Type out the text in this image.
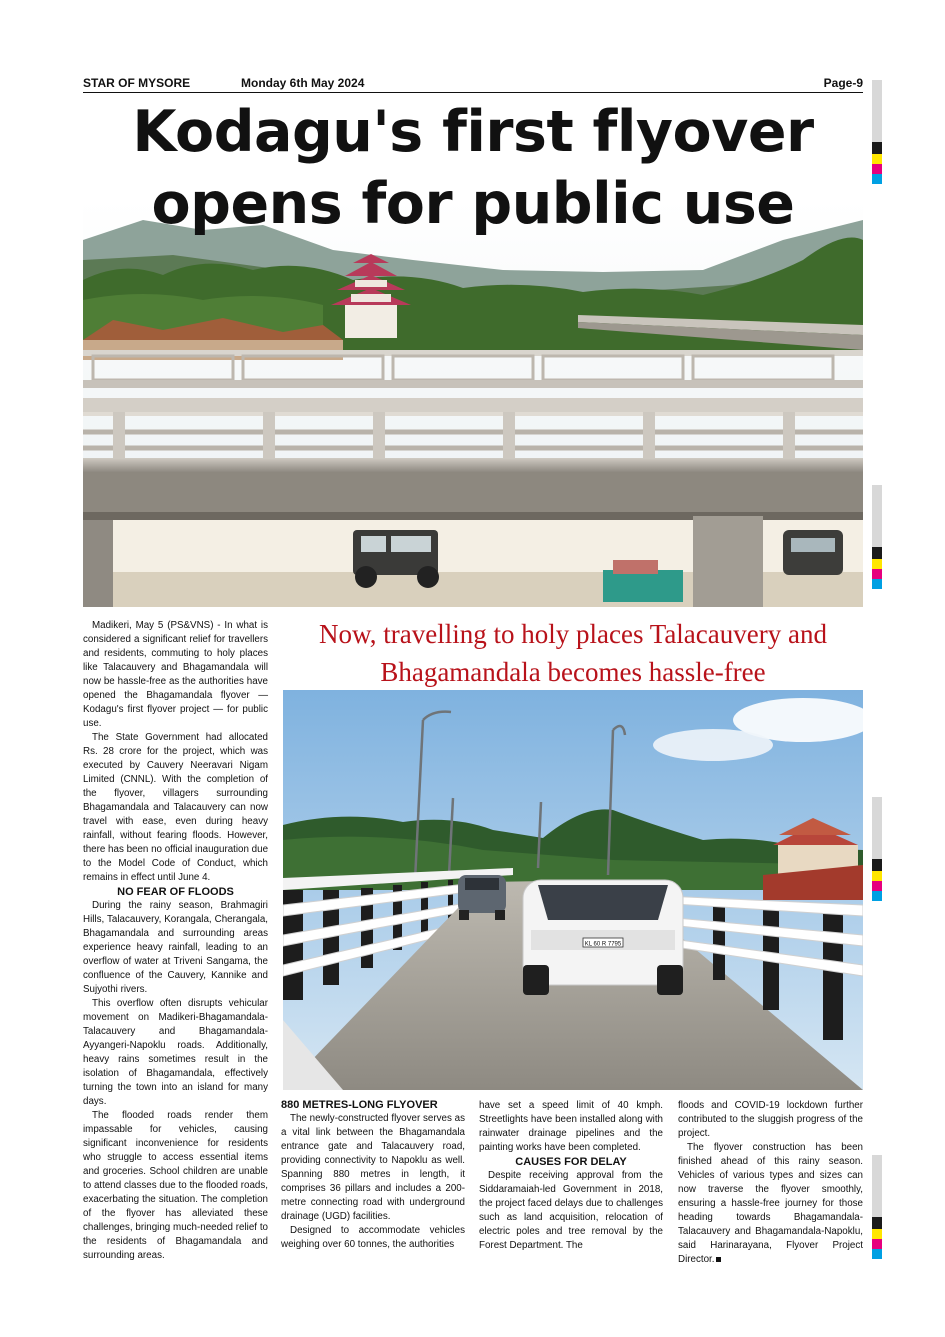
STAR OF MYSORE	Monday 6th May 2024	Page-9
Kodagu's first flyover
opens for public use
Now, travelling to holy places Talacauvery and
Bhagamandala becomes hassle-free
KL 60 R 7795

Madikeri, May 5 (PS&VNS) - In what is considered a significant relief for travellers and residents, commuting to holy places like Talacauvery and Bhagamandala will now be hassle-free as the authorities have opened the Bhagamandala flyover — Kodagu's first flyover project — for public use.

The State Government had allocated Rs. 28 crore for the project, which was executed by Cauvery Neeravari Nigam Limited (CNNL). With the completion of the flyover, villagers surrounding Bhagamandala and Talacauvery can now travel with ease, even during heavy rainfall, without fearing floods. However, there has been no official inauguration due to the Model Code of Conduct, which remains in effect until June 4.

NO FEAR OF FLOODS

During the rainy season, Brahmagiri Hills, Talacauvery, Korangala, Cherangala, Bhagamandala and surrounding areas experience heavy rainfall, leading to an overflow of water at Triveni Sangama, the confluence of the Cauvery, Kannike and Sujyothi rivers.

This overflow often disrupts vehicular movement on Madikeri-Bhagamandala-Talacauvery and Bhagamandala-Ayyangeri-Napoklu roads. Additionally, heavy rains sometimes result in the isolation of Bhagamandala, effectively turning the town into an island for many days.

The flooded roads render them impassable for vehicles, causing significant inconvenience for residents who struggle to access essential items and groceries. School children are unable to attend classes due to the flooded roads, exacerbating the situation. The completion of the flyover has alleviated these challenges, bringing much-needed relief to the residents of Bhagamandala and surrounding areas.

880 METRES-LONG FLYOVER

The newly-constructed flyover serves as a vital link between the Bhagamandala entrance gate and Talacauvery road, providing connectivity to Napoklu as well. Spanning 880 metres in length, it comprises 36 pillars and includes a 200-metre connecting road with underground drainage (UGD) facilities.

Designed to accommodate vehicles weighing over 60 tonnes, the authorities

have set a speed limit of 40 kmph. Streetlights have been installed along with rainwater drainage pipelines and the painting works have been completed.

CAUSES FOR DELAY

Despite receiving approval from the Siddaramaiah-led Government in 2018, the project faced delays due to challenges such as land acquisition, relocation of electric poles and tree removal by the Forest Department. The

floods and COVID-19 lockdown further contributed to the sluggish progress of the project.

The flyover construction has been finished ahead of this rainy season. Vehicles of various types and sizes can now traverse the flyover smoothly, ensuring a hassle-free journey for those heading towards Bhagamandala-Talacauvery and Bhagamandala-Napoklu, said Harinarayana, Flyover Project Director.
